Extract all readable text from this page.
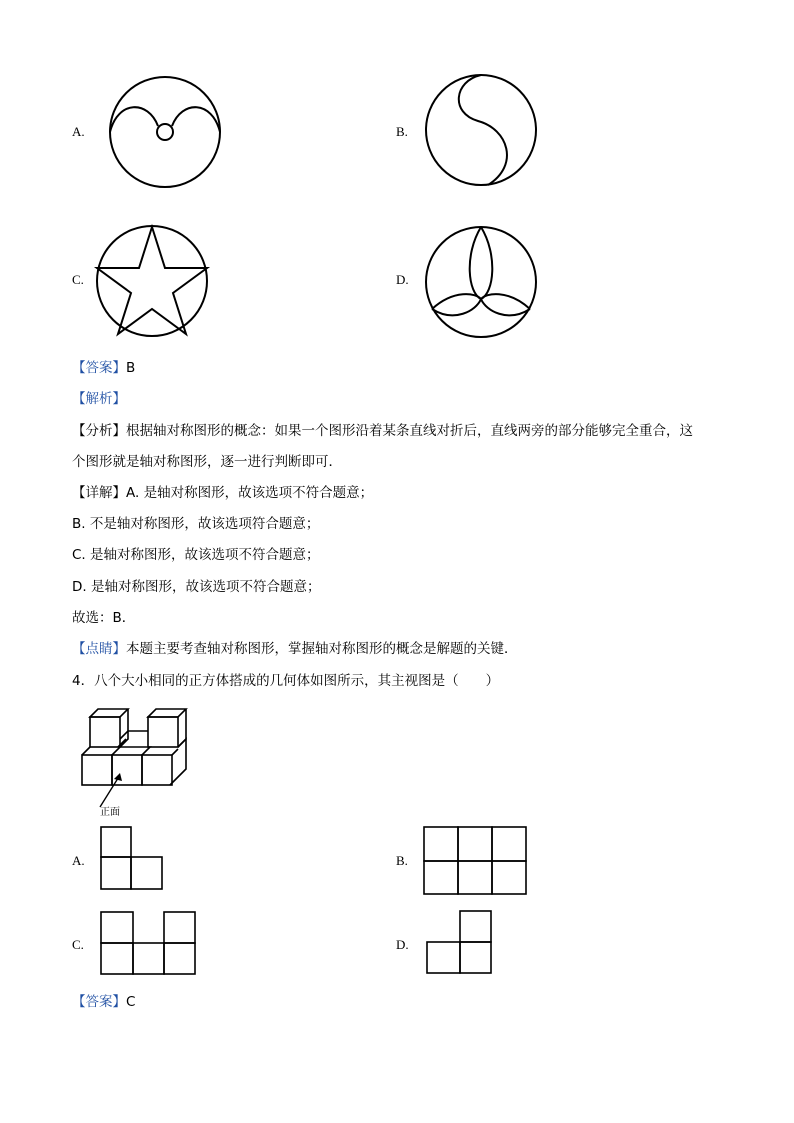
A.	B.
C.	D.
【答案】B
【解析】
【分析】根据轴对称图形的概念：如果一个图形沿着某条直线对折后，直线两旁的部分能够完全重合，这
个图形就是轴对称图形，逐一进行判断即可．
【详解】A. 是轴对称图形，故该选项不符合题意；
B. 不是轴对称图形，故该选项符合题意；
C. 是轴对称图形，故该选项不符合题意；
D. 是轴对称图形，故该选项不符合题意；
故选：B．
【点睛】本题主要考查轴对称图形，掌握轴对称图形的概念是解题的关键．
4．八个大小相同的正方体搭成的几何体如图所示，其主视图是（　　）
正面
A.	B.
C.	D.
【答案】C
